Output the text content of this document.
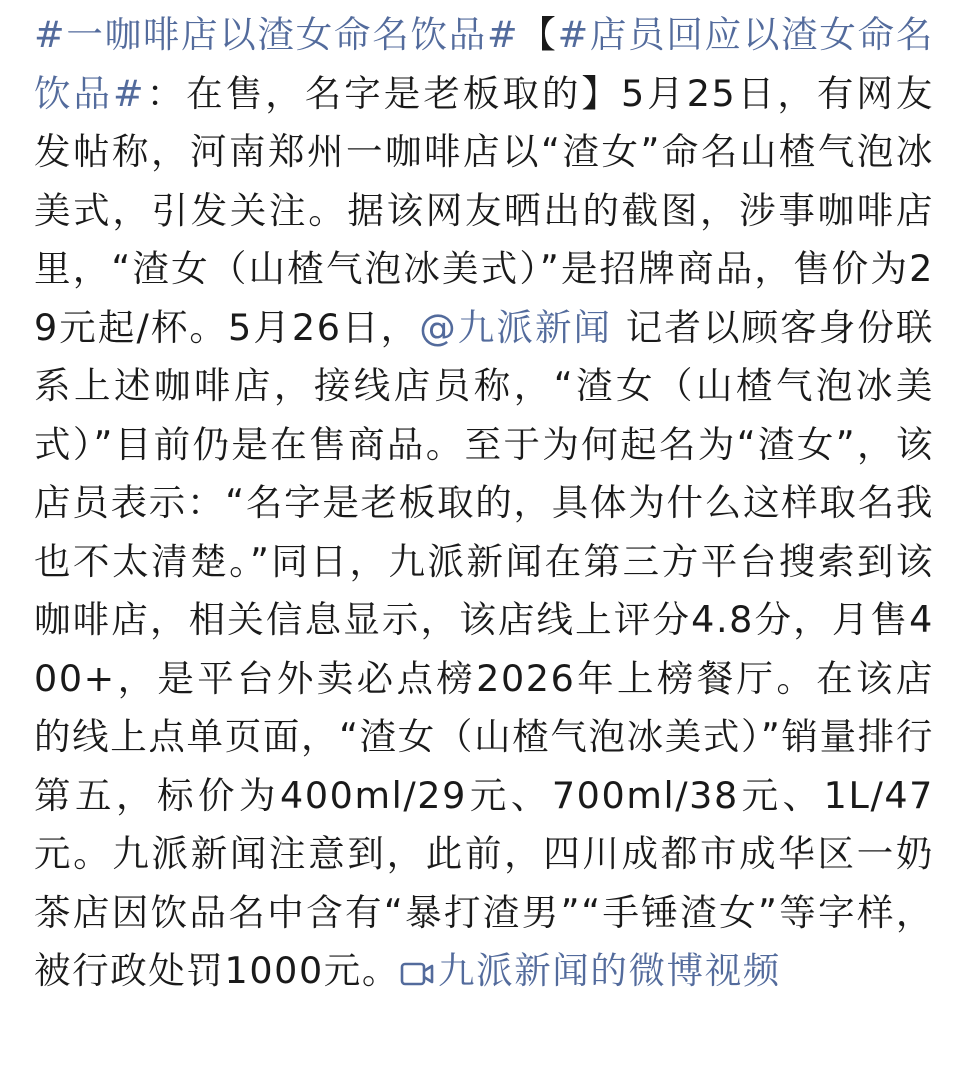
#一咖啡店以渣女命名饮品#【#店员回应以渣女命名饮品#：在售，名字是老板取的】5月25日，有网友发帖称，河南郑州一咖啡店以“渣女”命名山楂气泡冰美式，引发关注。据该网友晒出的截图，涉事咖啡店里，“渣女（山楂气泡冰美式）”是招牌商品，售价为29元起/杯。5月26日，@九派新闻 记者以顾客身份联系上述咖啡店，接线店员称，“渣女（山楂气泡冰美式）”目前仍是在售商品。至于为何起名为“渣女”，该店员表示：“名字是老板取的，具体为什么这样取名我也不太清楚。”同日，九派新闻在第三方平台搜索到该咖啡店，相关信息显示，该店线上评分4.8分，月售400+，是平台外卖必点榜2026年上榜餐厅。在该店的线上点单页面，“渣女（山楂气泡冰美式）”销量排行第五，标价为400ml/29元、700ml/38元、1L/47元。九派新闻注意到，此前，四川成都市成华区一奶茶店因饮品名中含有“暴打渣男”“手锤渣女”等字样，被行政处罚1000元。 九派新闻的微博视频
